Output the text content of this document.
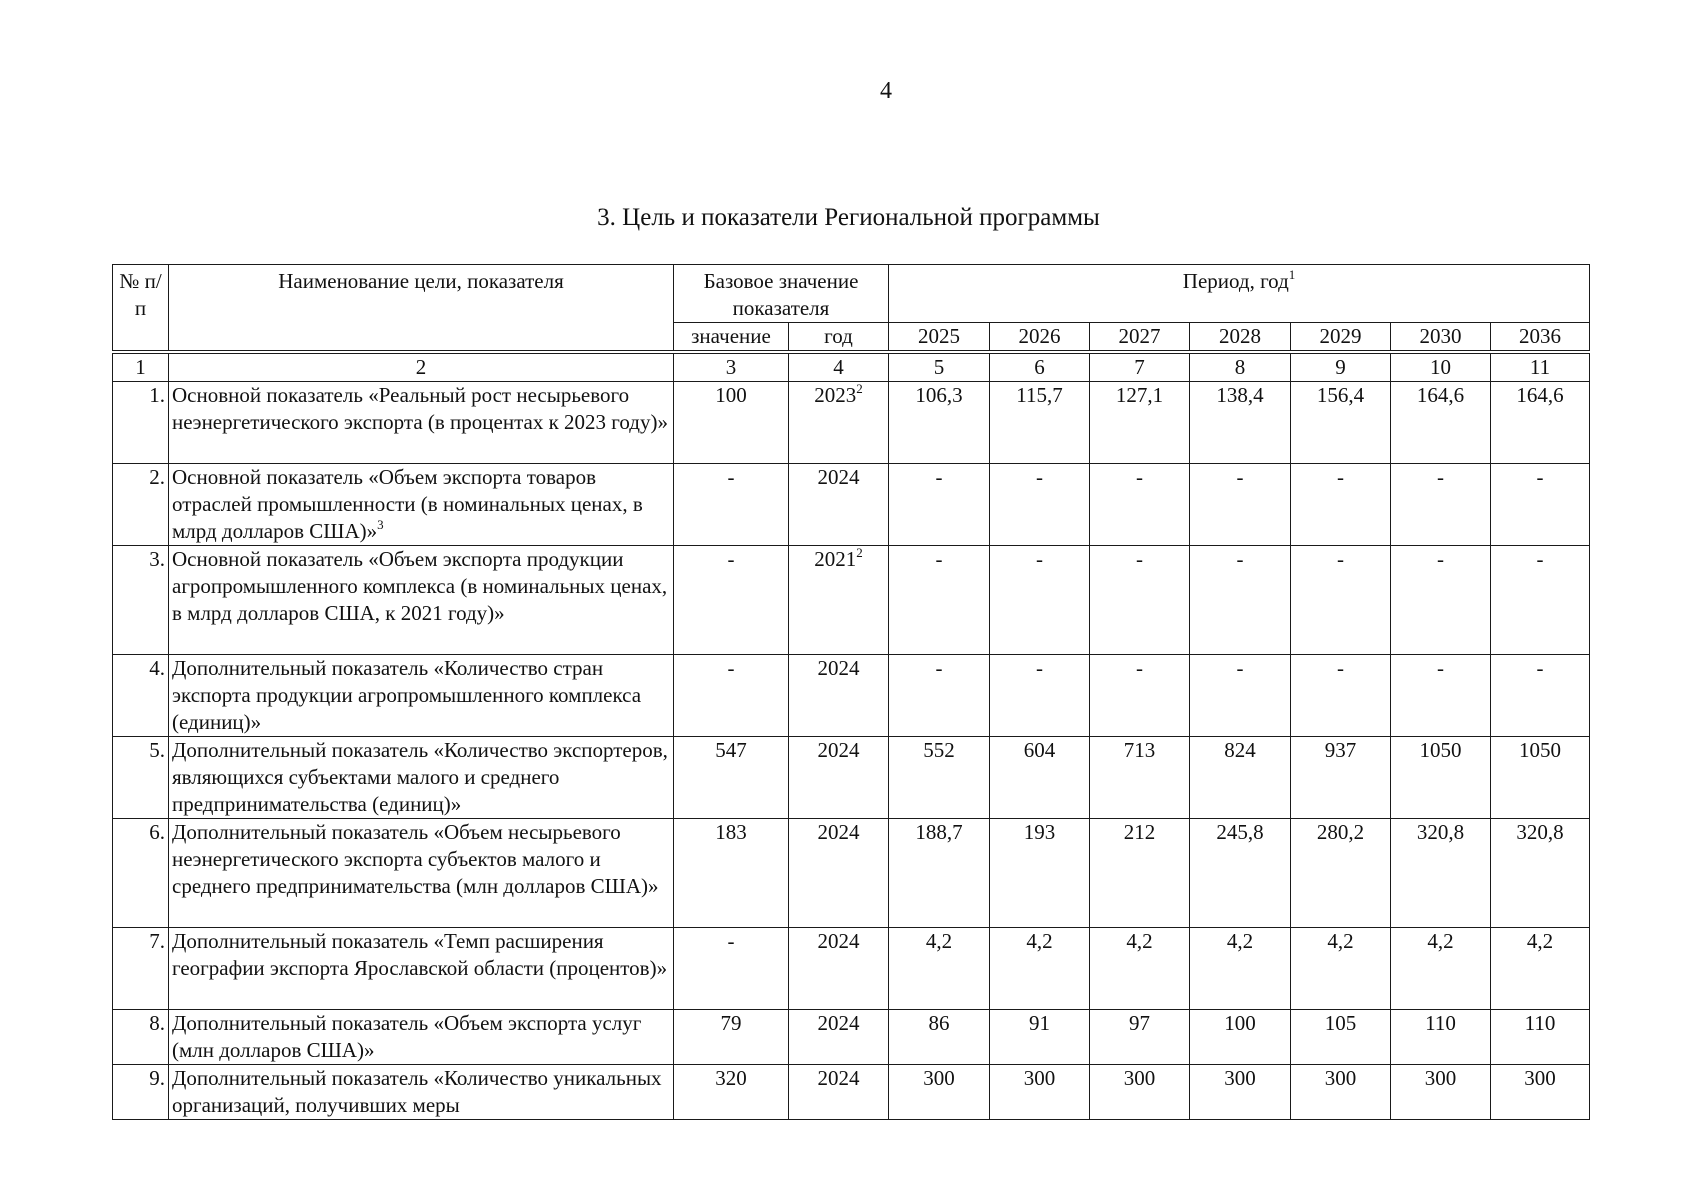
4
3. Цель и показатели Региональной программы
№ п/п	Наименование цели, показателя	Базовое значение показателя		Период, год$^1$
		значение	год	2025	2026	2027	2028	2029	2030	2036

1	2	3	4	5	6	7	8	9	10	11
1.	Основной показатель «Реальный рост несырьевого неэнергетического экспорта (в процентах к 2023 году)»	100	2023$^2$	106,3	115,7	127,1	138,4	156,4	164,6	164,6
2.	Основной показатель «Объем экспорта товаров отраслей промышленности (в номинальных ценах, в млрд долларов США)»$^3$	-	2024	-	-	-	-	-	-	-
3.	Основной показатель «Объем экспорта продукции агропромышленного комплекса (в номинальных ценах, в млрд долларов США, к 2021 году)»	-	2021$^2$	-	-	-	-	-	-	-
4.	Дополнительный показатель «Количество стран экспорта продукции агропромышленного комплекса (единиц)»	-	2024	-	-	-	-	-	-	-
5.	Дополнительный показатель «Количество экспортеров, являющихся субъектами малого и среднего предпринимательства (единиц)»	547	2024	552	604	713	824	937	1050	1050
6.	Дополнительный показатель «Объем несырьевого неэнергетического экспорта субъектов малого и среднего предпринимательства (млн долларов США)»	183	2024	188,7	193	212	245,8	280,2	320,8	320,8
7.	Дополнительный показатель «Темп расширения географии экспорта Ярославской области (процентов)»	-	2024	4,2	4,2	4,2	4,2	4,2	4,2	4,2
8.	Дополнительный показатель «Объем экспорта услуг (млн долларов США)»	79	2024	86	91	97	100	105	110	110
9.	Дополнительный показатель «Количество уникальных организаций, получивших меры	320	2024	300	300	300	300	300	300	300
